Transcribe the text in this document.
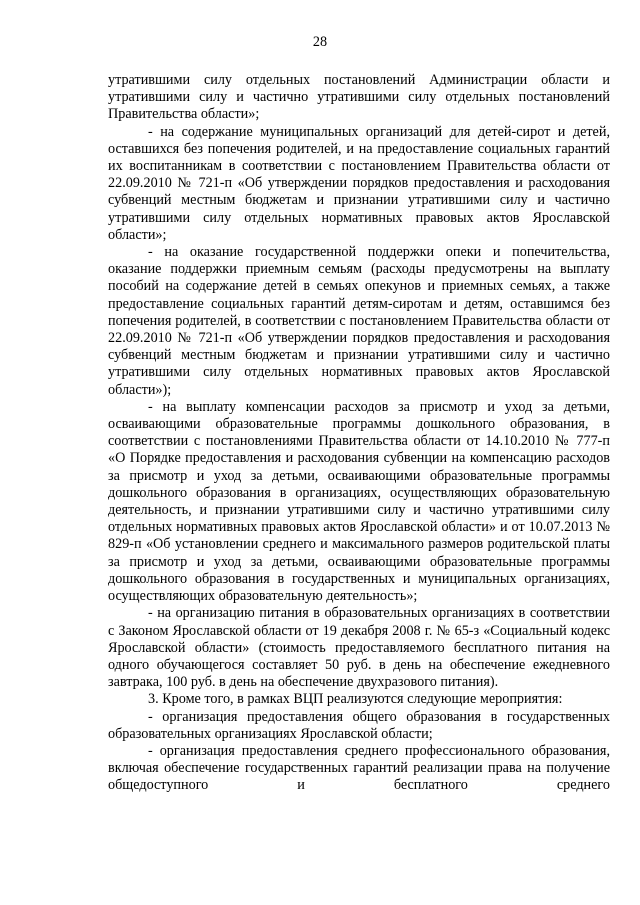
28

утратившими силу отдельных постановлений Администрации области и утратившими силу и частично утратившими силу отдельных постановлений Правительства области»;

- на содержание муниципальных организаций для детей-сирот и детей, оставшихся без попечения родителей, и на предоставление социальных гарантий их воспитанникам в соответствии с постановлением Правительства области от 22.09.2010 № 721-п «Об утверждении порядков предоставления и расходования субвенций местным бюджетам и признании утратившими силу и частично утратившими силу отдельных нормативных правовых актов Ярославской области»;

- на оказание государственной поддержки опеки и попечительства, оказание поддержки приемным семьям (расходы предусмотрены на выплату пособий на содержание детей в семьях опекунов и приемных семьях, а также предоставление социальных гарантий детям-сиротам и детям, оставшимся без попечения родителей, в соответствии с постановлением Правительства области от 22.09.2010 № 721-п «Об утверждении порядков предоставления и расходования субвенций местным бюджетам и признании утратившими силу и частично утратившими силу отдельных нормативных правовых актов Ярославской области»);

- на выплату компенсации расходов за присмотр и уход за детьми, осваивающими образовательные программы дошкольного образования, в соответствии с постановлениями Правительства области от 14.10.2010 № 777-п «О Порядке предоставления и расходования субвенции на компенсацию расходов за присмотр и уход за детьми, осваивающими образовательные программы дошкольного образования в организациях, осуществляющих образовательную деятельность, и признании утратившими силу и частично утратившими силу отдельных нормативных правовых актов Ярославской области» и от 10.07.2013 № 829-п «Об установлении среднего и максимального размеров родительской платы за присмотр и уход за детьми, осваивающими образовательные программы дошкольного образования в государственных и муниципальных организациях, осуществляющих образовательную деятельность»;

- на организацию питания в образовательных организациях в соответствии с Законом Ярославской области от 19 декабря 2008 г. № 65-з «Социальный кодекс Ярославской области» (стоимость предоставляемого бесплатного питания на одного обучающегося составляет 50 руб. в день на обеспечение ежедневного завтрака, 100 руб. в день на обеспечение двухразового питания).

3. Кроме того, в рамках ВЦП реализуются следующие мероприятия:

- организация предоставления общего образования в государственных образовательных организациях Ярославской области;

- организация предоставления среднего профессионального образования, включая обеспечение государственных гарантий реализации права на получение общедоступного и бесплатного среднего
